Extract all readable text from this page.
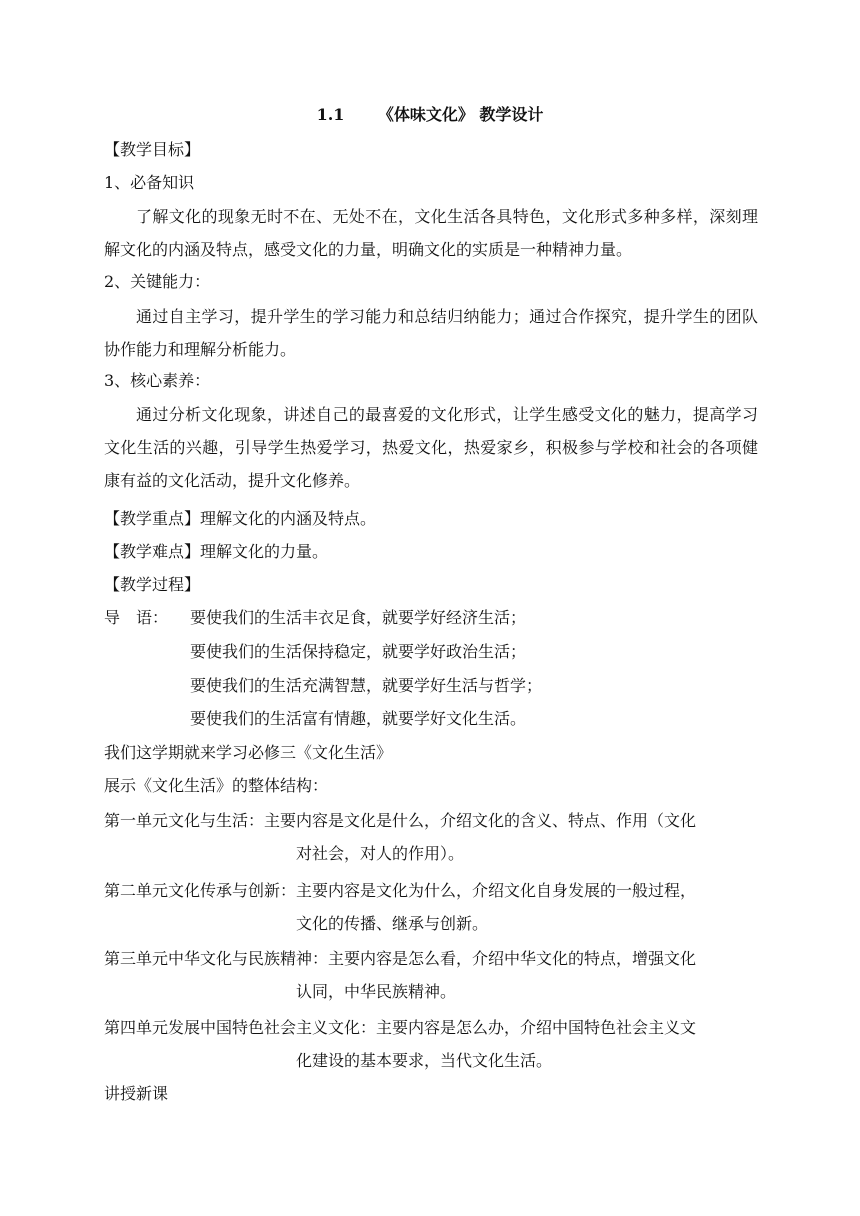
1.1 《体味文化》 教学设计
【教学目标】
1、必备知识
了解文化的现象无时不在、无处不在，文化生活各具特色，文化形式多种多样，深刻理解文化的内涵及特点，感受文化的力量，明确文化的实质是一种精神力量。
2、关键能力：
通过自主学习，提升学生的学习能力和总结归纳能力；通过合作探究，提升学生的团队协作能力和理解分析能力。
3、核心素养：
通过分析文化现象，讲述自己的最喜爱的文化形式，让学生感受文化的魅力，提高学习文化生活的兴趣，引导学生热爱学习，热爱文化，热爱家乡，积极参与学校和社会的各项健康有益的文化活动，提升文化修养。
【教学重点】理解文化的内涵及特点。
【教学难点】理解文化的力量。
【教学过程】
导　语： 要使我们的生活丰衣足食，就要学好经济生活；
要使我们的生活保持稳定，就要学好政治生活；
要使我们的生活充满智慧，就要学好生活与哲学；
要使我们的生活富有情趣，就要学好文化生活。
我们这学期就来学习必修三《文化生活》
展示《文化生活》的整体结构：
第一单元文化与生活：主要内容是文化是什么，介绍文化的含义、特点、作用（文化
对社会，对人的作用）。
第二单元文化传承与创新：主要内容是文化为什么，介绍文化自身发展的一般过程，
文化的传播、继承与创新。
第三单元中华文化与民族精神：主要内容是怎么看，介绍中华文化的特点，增强文化
认同，中华民族精神。
第四单元发展中国特色社会主义文化：主要内容是怎么办，介绍中国特色社会主义文
化建设的基本要求，当代文化生活。
讲授新课
